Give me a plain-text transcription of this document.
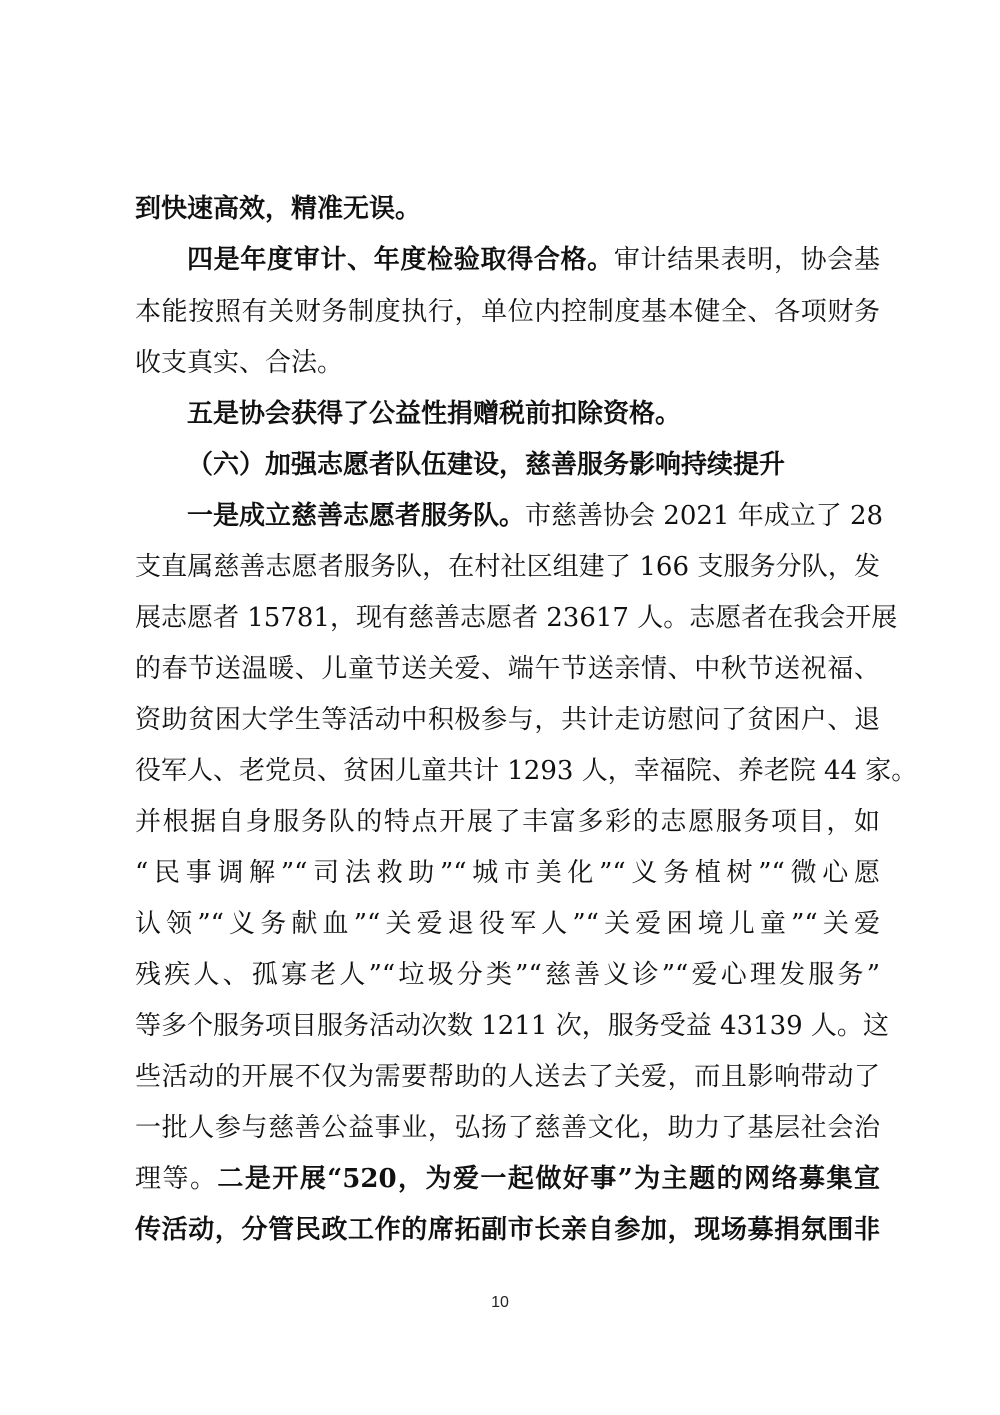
到快速高效，精准无误。
四是年度审计、年度检验取得合格。审计结果表明，协会基
本能按照有关财务制度执行，单位内控制度基本健全、各项财务
收支真实、合法。
五是协会获得了公益性捐赠税前扣除资格。
（六）加强志愿者队伍建设，慈善服务影响持续提升
一是成立慈善志愿者服务队。市慈善协会 2021 年成立了 28
支直属慈善志愿者服务队，在村社区组建了 166 支服务分队，发
展志愿者 15781，现有慈善志愿者 23617 人。志愿者在我会开展
的春节送温暖、儿童节送关爱、端午节送亲情、中秋节送祝福、
资助贫困大学生等活动中积极参与，共计走访慰问了贫困户、退
役军人、老党员、贫困儿童共计 1293 人，幸福院、养老院 44 家。
并根据自身服务队的特点开展了丰富多彩的志愿服务项目，如
“民事调解”“司法救助”“城市美化”“义务植树”“微心愿
认领”“义务献血”“关爱退役军人”“关爱困境儿童”“关爱
残疾人、孤寡老人”“垃圾分类”“慈善义诊”“爱心理发服务”
等多个服务项目服务活动次数 1211 次，服务受益 43139 人。这
些活动的开展不仅为需要帮助的人送去了关爱，而且影响带动了
一批人参与慈善公益事业，弘扬了慈善文化，助力了基层社会治
理等。二是开展“520，为爱一起做好事”为主题的网络募集宣
传活动，分管民政工作的席拓副市长亲自参加，现场募捐氛围非
10
